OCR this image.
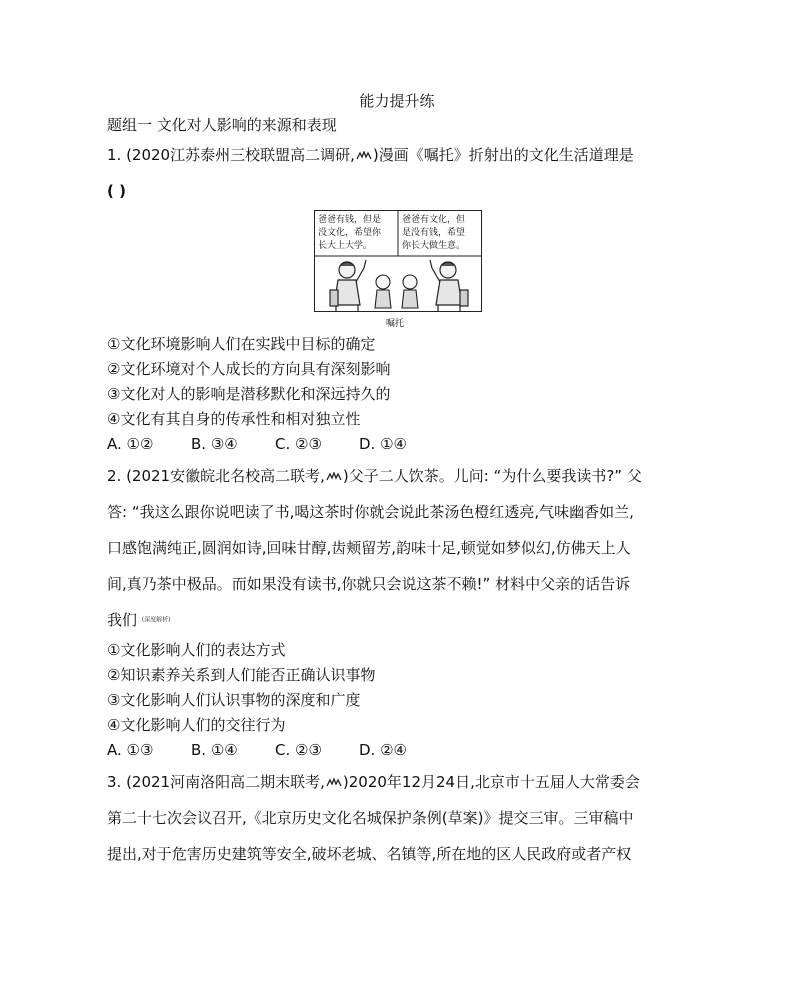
能力提升练
题组一 文化对人影响的来源和表现
1. (2020江苏泰州三校联盟高二调研, )漫画《嘱托》折射出的文化生活道理是
( )
爸爸有钱，但是
没文化，希望你
长大上大学。
爸爸有文化，但
是没有钱，希望
你长大做生意。
嘱托
①文化环境影响人们在实践中目标的确定
②文化环境对个人成长的方向具有深刻影响
③文化对人的影响是潜移默化和深远持久的
④文化有其自身的传承性和相对独立性
A. ①②	B. ③④ C. ②③ D. ①④
2. (2021安徽皖北名校高二联考, )父子二人饮茶。儿问: “为什么要我读书?” 父
答: “我这么跟你说吧读了书,喝这茶时你就会说此茶汤色橙红透亮,气味幽香如兰,
口感饱满纯正,圆润如诗,回味甘醇,齿颊留芳,韵味十足,顿觉如梦似幻,仿佛天上人
间,真乃茶中极品。而如果没有读书,你就只会说这茶不赖!” 材料中父亲的话告诉
我们 (深度解析)
①文化影响人们的表达方式
②知识素养关系到人们能否正确认识事物
③文化影响人们认识事物的深度和广度
④文化影响人们的交往行为
A. ①③	B. ①④ C. ②③ D. ②④
3. (2021河南洛阳高二期末联考, )2020年12月24日,北京市十五届人大常委会
第二十七次会议召开,《北京历史文化名城保护条例(草案)》提交三审。三审稿中
提出,对于危害历史建筑等安全,破坏老城、名镇等,所在地的区人民政府或者产权
